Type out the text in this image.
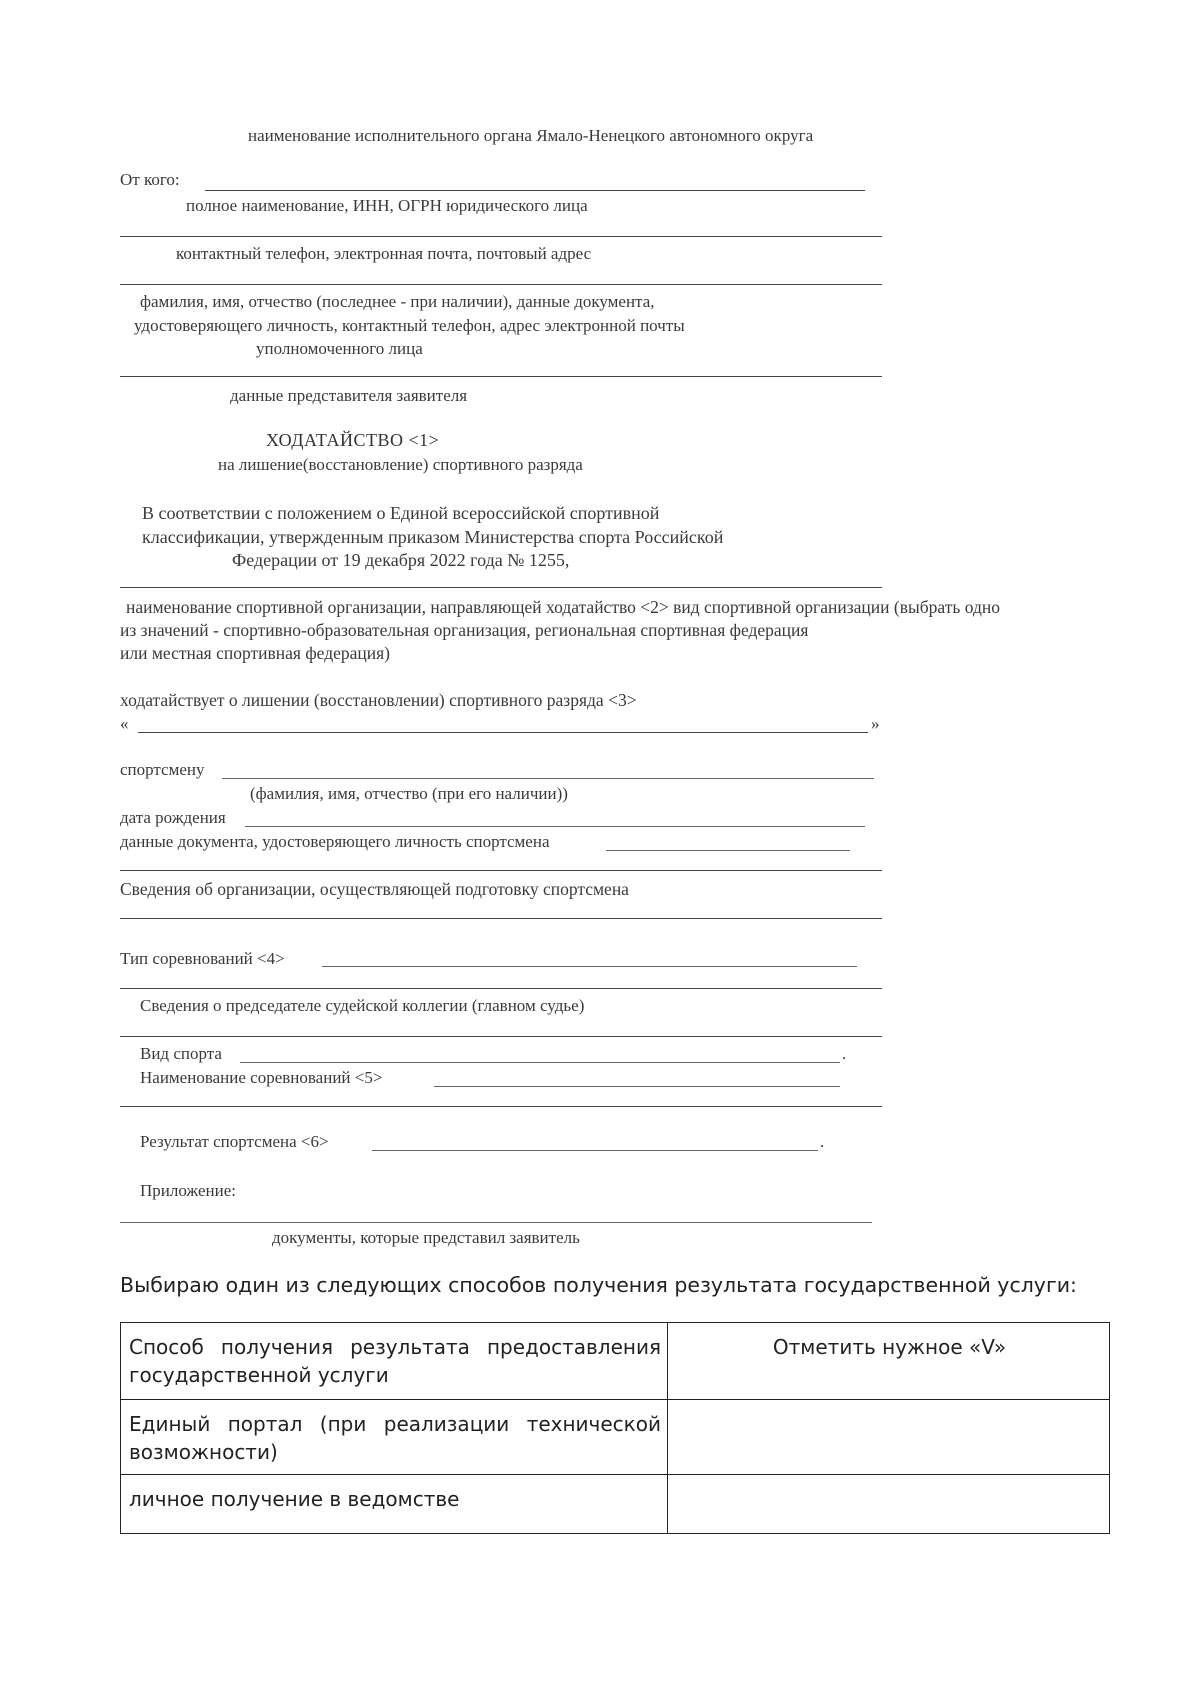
наименование исполнительного органа Ямало-Ненецкого автономного округа
От кого:
полное наименование, ИНН, ОГРН юридического лица
контактный телефон, электронная почта, почтовый адрес
фамилия, имя, отчество (последнее - при наличии), данные документа,
удостоверяющего личность, контактный телефон, адрес электронной почты
уполномоченного лица
данные представителя заявителя
ХОДАТАЙСТВО <1>
на лишение(восстановление) спортивного разряда
В соответствии с положением о Единой всероссийской спортивной
классификации, утвержденным приказом Министерства спорта Российской
Федерации от 19 декабря 2022 года № 1255,
наименование спортивной организации, направляющей ходатайство <2> вид спортивной организации (выбрать одно
из значений - спортивно-образовательная организация, региональная спортивная федерация
или местная спортивная федерация)
ходатайствует о лишении (восстановлении) спортивного разряда <3>
«	»
спортсмену
(фамилия, имя, отчество (при его наличии))
дата рождения
данные документа, удостоверяющего личность спортсмена
Сведения об организации, осуществляющей подготовку спортсмена
Тип соревнований <4>
Сведения о председателе судейской коллегии (главном судье)
Вид спорта	.
Наименование соревнований <5>
Результат спортсмена <6>	.
Приложение:
документы, которые представил заявитель
Выбираю один из следующих способов получения результата государственной услуги:
Способ получения результата предоставления государственной услуги	Отметить нужное «V»
Единый портал (при реализации технической возможности)	
личное получение в ведомстве	
